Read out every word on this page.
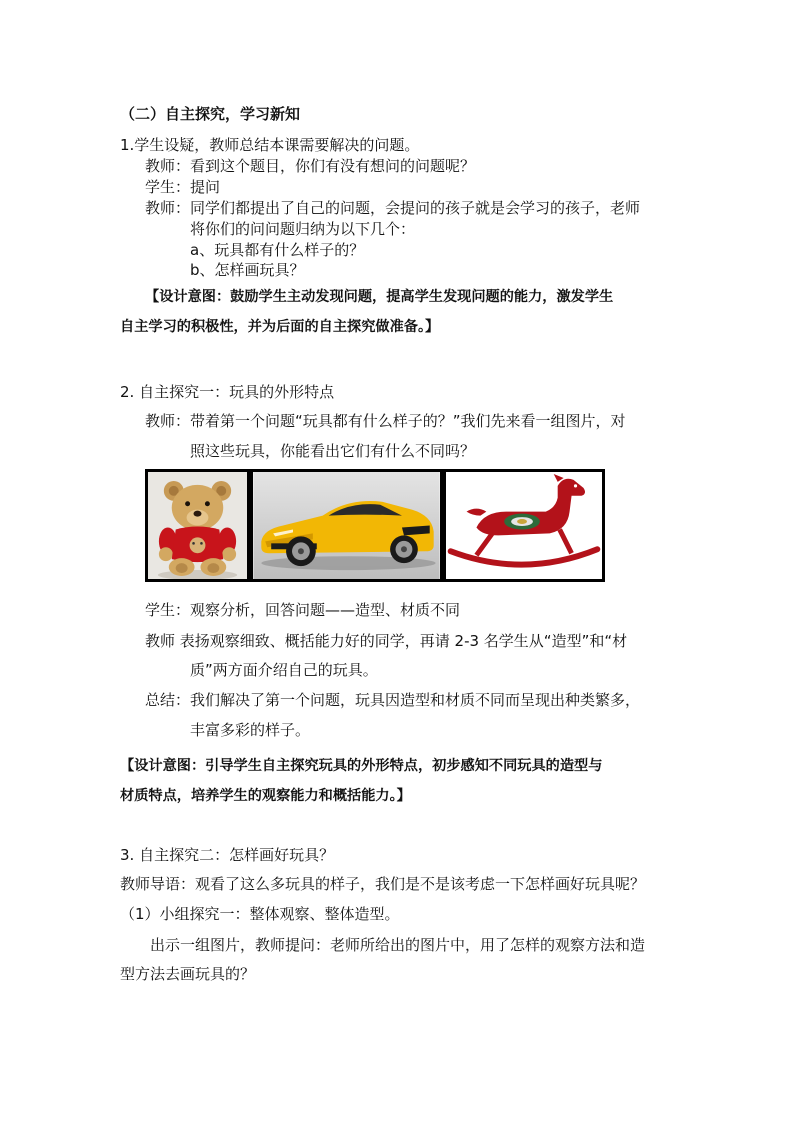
（二）自主探究，学习新知
1.学生设疑，教师总结本课需要解决的问题。
教师：看到这个题目，你们有没有想问的问题呢？
学生：提问
教师：同学们都提出了自己的问题，会提问的孩子就是会学习的孩子，老师
将你们的问问题归纳为以下几个：
a、玩具都有什么样子的？
b、怎样画玩具？
【设计意图：鼓励学生主动发现问题，提高学生发现问题的能力，激发学生
自主学习的积极性，并为后面的自主探究做准备。】
2. 自主探究一：玩具的外形特点
教师：带着第一个问题“玩具都有什么样子的？”我们先来看一组图片，对
照这些玩具，你能看出它们有什么不同吗？
学生：观察分析，回答问题——造型、材质不同
教师 表扬观察细致、概括能力好的同学，再请 2-3 名学生从“造型”和“材
质”两方面介绍自己的玩具。
总结：我们解决了第一个问题，玩具因造型和材质不同而呈现出种类繁多，
丰富多彩的样子。
【设计意图：引导学生自主探究玩具的外形特点，初步感知不同玩具的造型与
材质特点，培养学生的观察能力和概括能力。】
3. 自主探究二：怎样画好玩具？
教师导语：观看了这么多玩具的样子，我们是不是该考虑一下怎样画好玩具呢？
（1）小组探究一：整体观察、整体造型。
出示一组图片，教师提问：老师所给出的图片中，用了怎样的观察方法和造
型方法去画玩具的？
